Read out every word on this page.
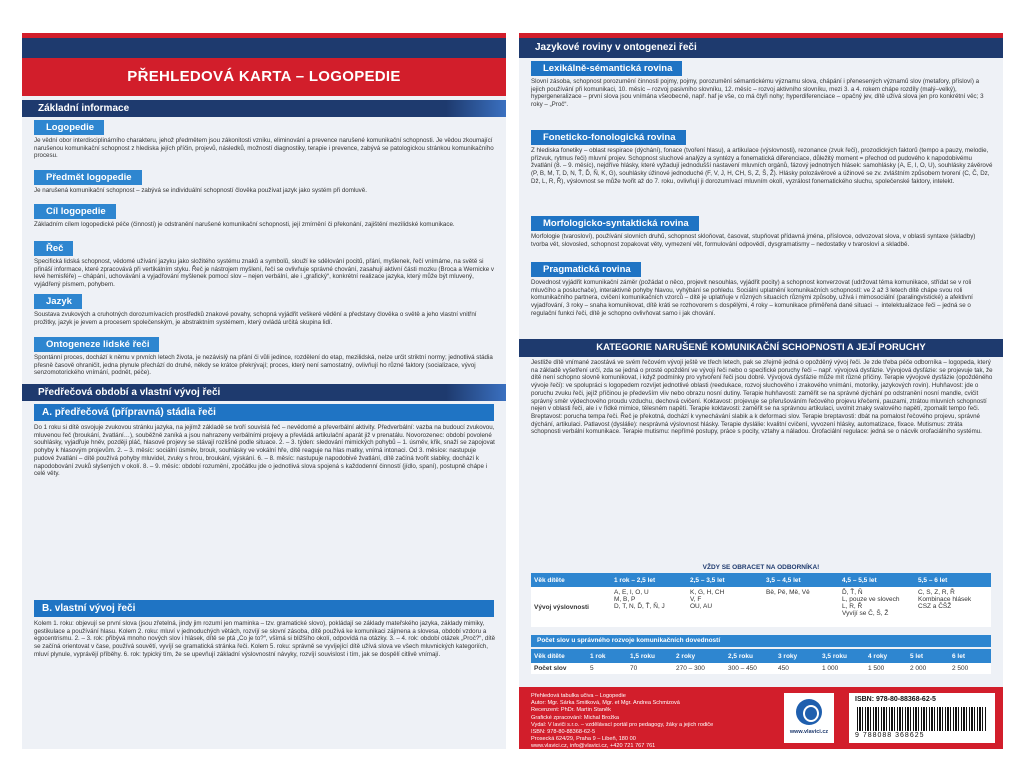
PŘEHLEDOVÁ KARTA – LOGOPEDIE
Základní informace
Logopedie
Je vědní obor interdisciplinárního charakteru, jehož předmětem jsou zákonitosti vzniku, eliminování a prevence narušené komunikační schopnosti. Je vědou zkoumající narušenou komunikační schopnost z hlediska jejích příčin, projevů, následků, možností diagnostiky, terapie i prevence, zabývá se patologickou stránkou komunikačního procesu.
Předmět logopedie
Je narušená komunikační schopnost – zabývá se individuální schopností člověka používat jazyk jako systém při domluvě.
Cíl logopedie
Základním cílem logopedické péče (činnosti) je odstranění narušené komunikační schopnosti, její zmírnění či překonání, zajištění mezilidské komunikace.
Řeč
Specifická lidská schopnost, vědomé užívání jazyku jako složitého systému znaků a symbolů, slouží ke sdělování pocitů, přání, myšlenek, řečí vnímáme, na světě si přináší informace, které zpracovává při vertikálním styku. Řeč je nástrojem myšlení, řečí se ovlivňuje správné chování, zasahují aktivní části mozku (Broca a Wernicke v levé hemisféře) – chápání, uchovávání a vyjadřování myšlenek pomocí slov – nejen verbální, ale i „grafický“, konkrétní realizace jazyka, který může být mluvený, vyjádřený písmem, pohybem.
Jazyk
Soustava zvukových a cruhotných dorozumívacích prostředků znakové povahy, schopná vyjádřit veškeré vědění a představy člověka o světě a jeho vlastní vnitřní prožitky, jazyk je jevem a procesem společenským, je abstraktním systémem, který ovládá určitá skupina lidí.
Ontogeneze lidské řeči
Spontánní proces, dochází k němu v prvních letech života, je nezávislý na přání či vůli jedince, rozdělení do etap, mezilidská, nelze určit striktní normy; jednotlivá stádia přesně časově ohraničit, jedna plynule přechází do druhé, někdy se krátce překrývají; proces, který není samostatný, ovlivňují ho různé faktory (socializace, vývoj senzomotorického vnímání, podnět, péče).
Předřečová období a vlastní vývoj řeči
A. předřečová (přípravná) stádia řeči
Do 1 roku si dítě osvojuje zvukovou stránku jazyka, na jejímž základě se tvoří souvislá řeč – nevědomé a převerbální aktivity. Předverbální: vazba na budoucí zvukovou, mluvenou řeč (broukání, žvatlání…), souběžně zaníká a jsou nahrazeny verbálními projevy a převládá artikulační aparát již v prenatálu. Novorozenec: období povolené souhlásky, vyjadřuje hněv, později pláč, hlasové projevy se stávají rozlišné podle situace. 2. – 3. týden: sledování mimických pohybů – 1. úsměv, křik, snaží se zapojovat pohyby k hlasovým projevům. 2. – 3. měsíc: sociální úsměv, brouk, souhlásky ve vokální hře, dítě reaguje na hlas matky, vnímá intonaci. Od 3. měsíce: nastupuje pudové žvatlání – dítě používá pohyby mluvidel, zvuky s hrou, broukání, výskání. 6. – 8. měsíc: nastupuje napodobivé žvatlání, dítě začíná tvořit slabiky, dochází k napodobování zvuků slyšených v okolí. 8. – 9. měsíc: období rozumění, zpočátku jde o jednotlivá slova spojená s každodenní činností (jídlo, spaní), postupně chápe i celé věty.
B. vlastní vývoj řeči
Kolem 1. roku: objevují se první slova (jsou zřetelná, jindy jim rozumí jen maminka – tzv. gramatické slovo), pokládají se základy mateřského jazyka, základy mimiky, gestikulace a používání hlasu. Kolem 2. roku: mluví v jednoduchých větách, rozvíjí se slovní zásoba, dítě používá ke komunikaci zájmena a slovesa, období vzdoru a egocentrismu. 2. – 3. rok: přibývá mnoho nových slov i hlásek, dítě se ptá „Co je to?“, všímá si bližšího okolí, odpovídá na otázky. 3. – 4. rok: období otázek „Proč?“, dítě se začíná orientovat v čase, používá souvětí, vyvíjí se gramatická stránka řeči. Kolem 5. roku: správně se vyvíjející dítě užívá slova ve všech mluvnických kategoriích, mluví plynule, vyprávějí příběhy. 6. rok: typický tím, že se upevňují základní výslovnostní návyky, rozvíjí souvislost i tím, jak se dospělí citlivě vnímají.
Jazykové roviny v ontogenezi řeči
Lexikálně-sémantická rovina
Slovní zásoba, schopnost porozumění činnosti pojmy, pojmy, porozumění sémantickému významu slova, chápání i přenesených významů slov (metafory, přísloví) a jejich používání při komunikaci, 10. měsíc – rozvoj pasivního slovníku, 12. měsíc – rozvoj aktivního slovníku, mezi 3. a 4. rokem chápe rozdíly (malý–velký), hypergeneralizace – první slova jsou vnímána všeobecně, např. haf je vše, co má čtyři nohy; hyperdiferenciace – opačný jev, dítě užívá slova jen pro konkrétní věc; 3 roky – „Proč“.
Foneticko-fonologická rovina
Z hlediska fonetiky – oblast respirace (dýchání), fonace (tvoření hlasu), a artikulace (výslovnosti), rezonance (zvuk řeči), prozodických faktorů (tempo a pauzy, melodie, přízvuk, rytmus řeči) mluvní projev. Schopnost sluchové analýzy a syntézy a fonematická diferenciace, důležitý moment = přechod od pudového k napodobivému žvatlání (8. – 9. měsíc), nejdříve hlásky, které vyžadují jednodušší nastavení mluvních orgánů, fázový jednotných hlásek: samohlásky (A, E, I, O, U), souhlásky závěrové (P, B, M, T, D, N, Ť, Ď, Ň, K, G), souhlásky úžinové jednoduché (F, V, J, H, CH, S, Z, Š, Ž). Hlásky polozávěrové a úžinové se zv. zvláštním způsobem tvorení (C, Č, Dz, Dž, L, R, Ř), výslovnost se může tvořit až do 7. roku, ovlivňují ji dorozumívací mluvním okolí, vyzrálost fonematického sluchu, společenské faktory, intelekt.
Morfologicko-syntaktická rovina
Morfologie (tvarosloví), používání slovních druhů, schopnost skloňovat, časovat, stupňovat přídavná jména, příslovce, odvozovat slova, v oblasti syntaxe (skladby) tvorba vět, slovosled, schopnost zopakovat věty, vymezení vět, formulování odpovědí, dysgramatismy – nedostatky v tvarosloví a skladbě.
Pragmatická rovina
Dovednost vyjádřit komunikační záměr (požádat o něco, projevit nesouhlas, vyjádřit pocity) a schopnost konverzovat (udržovat téma komunikace, střídat se v roli mluvčího a posluchače), interaktivně pohyby hlavou, vyhýbání se pohledu. Sociální uplatnění komunikačních schopností: ve 2 až 3 letech dítě chápe svou roli komunikačního partnera, cvičení komunikačních vzorců – dítě je uplatňuje v různých situacích různými způsoby, užívá i mimosociální (paralingvistické) a afektivní vyjadřování, 3 roky – snaha komunikovat, dítě kráti se rozhovorem s dospělými, 4 roky – komunikace přiměřená dané situaci → intelektualizace řeči – jedná se o regulační funkci řeči, dítě je schopno ovlivňovat samo i jak chování.
KATEGORIE NARUŠENÉ KOMUNIKAČNÍ SCHOPNOSTI A JEJÍ PORUCHY
Jestliže dítě vnímané zaostává ve svém řečovém vývoji ještě ve třech letech, pak se zřejmě jedná o opožděný vývoj řeči. Je zde třeba péče odborníka – logopeda, který na základě vyšetření určí, zda se jedná o prosté opoždění ve vývoji řeči nebo o specifické poruchy řeči – např. vývojová dysfázie. Vývojová dysfázie: se projevuje tak, že dítě není schopno slovně komunikovat, i když podmínky pro vytvoření řeči jsou dobré. Vývojová dysfázie může mít různé příčiny. Terapie vývojové dysfázie (opožděného vývoje řeči): ve spolupráci s logopedem rozvíjet jednotlivé oblasti (reedukace, rozvoj sluchového i zrakového vnímání, motoriky, jazykových rovin). Huhňavost: jde o poruchu zvuku řeči, jejíž příčinou je především vliv nebo obrazu nosní dutiny. Terapie huhňavosti: zaměřit se na správné dýchání po odstranění nosní mandle, cvičit správný směr výdechového proudu vzduchu, dechová cvičení. Koktavost: projevuje se přerušováním řečového projevu křečemi, pauzami, ztrátou mluvních schopností nejen v oblasti řeči, ale i v řídké mimice, tělesném napětí. Terapie koktavosti: zaměřit se na správnou artikulaci, uvolnit znaky svalového napětí, zpomalit tempo řeči. Breptavost: porucha tempa řeči. Řeč je překotná, dochází k vynechávání slabik a k deformaci slov. Terapie breptavosti: dbát na pomalost řečového projevu, správné dýchání, artikulaci. Patlavost (dyslálie): nesprávná výslovnost hlásky. Terapie dyslálie: kvalitní cvičení, vyvození hlásky, automatizace, fixace. Mutismus: ztráta schopnosti verbální komunikace. Terapie mutismu: nepřímé postupy, práce s pocity, vztahy a náladou. Orofaciální regulace: jedná se o nácvik orofaciálního systému.
VŽDY SE OBRACET NA ODBORNÍKA!
Věk dítěte	1 rok – 2,5 let	2,5 – 3,5 let	3,5 – 4,5 let	4,5 – 5,5 let	5,5 – 6 let
Vývoj výslovnosti	A, E, I, O, U
M, B, P
D, T, N, Ď, Ť, Ň, J	K, G, H, CH
V, F
OU, AU	Bě, Pě, Mě, Vě	Ď, Ť, Ň
L, pouze ve slovech
L, R, Ř
Vyvíjí se Č, Š, Ž	C, S, Z, R, Ř
Kombinace hlásek
CSZ a ČŠŽ
Počet slov u správného rozvoje komunikačních dovedností
Věk dítěte	1 rok	1,5 roku	2 roky	2,5 roku	3 roky	3,5 roku	4 roky	5 let	6 let
Počet slov	5	70	270 – 300	300 – 450	450	1 000	1 500	2 000	2 500
Přehledová tabulka učiva – Logopedie
Autor: Mgr. Šárka Smitková, Mgr. et Mgr. Andrea Schmizová
Recenzent: PhDr. Martin Staněk
Grafické zpracování: Michal Brožka
Vydal: V laviči s.r.o. – vzdělávací portál pro pedagogy, žáky a jejich rodiče
ISBN: 978-80-88368-62-5
Prosecká 624/29, Praha 9 – Libeň, 180 00
www.vlavici.cz, info@vlavici.cz, +420 721 767 761
www.vlavici.cz
ISBN: 978-80-88368-62-5
9 788088 368625
